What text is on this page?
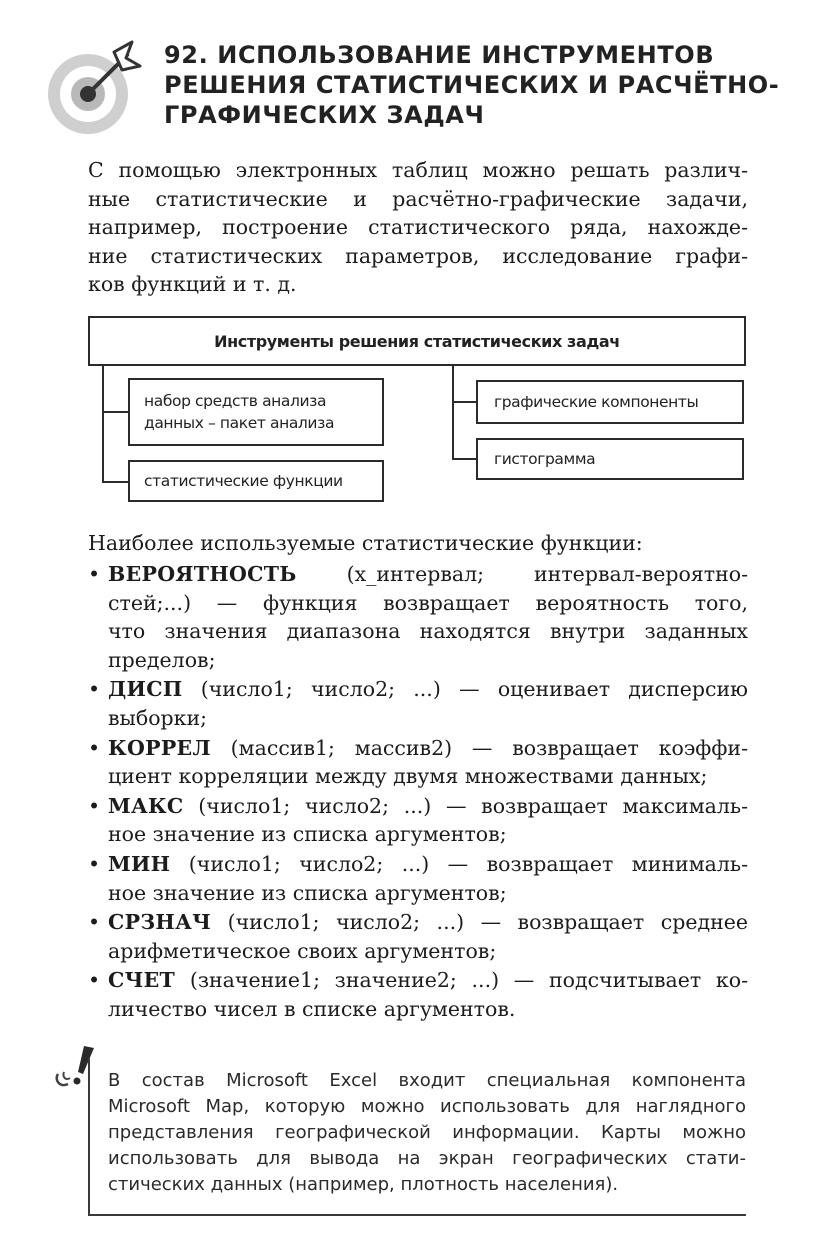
92. ИСПОЛЬЗОВАНИЕ ИНСТРУМЕНТОВ
РЕШЕНИЯ СТАТИСТИЧЕСКИХ И РАСЧЁТНО-
ГРАФИЧЕСКИХ ЗАДАЧ
С помощью электронных таблиц можно решать различ-
ные статистические и расчётно-графические задачи,
например, построение статистического ряда, нахожде-
ние статистических параметров, исследование графи-
ков функций и т. д.
Инструменты решения статистических задач
набор средств анализа
данных – пакет анализа
статистические функции
графические компоненты
гистограмма
Наиболее используемые статистические функции:
• ВЕРОЯТНОСТЬ (x_интервал; интервал-вероятно-
стей;...) — функция возвращает вероятность того,
что значения диапазона находятся внутри заданных
пределов;
• ДИСП (число1; число2; ...) — оценивает дисперсию
выборки;
• КОРРЕЛ (массив1; массив2) — возвращает коэффи-
циент корреляции между двумя множествами данных;
• МАКС (число1; число2; ...) — возвращает максималь-
ное значение из списка аргументов;
• МИН (число1; число2; ...) — возвращает минималь-
ное значение из списка аргументов;
• СРЗНАЧ (число1; число2; ...) — возвращает среднее
арифметическое своих аргументов;
• СЧЕТ (значение1; значение2; ...) — подсчитывает ко-
личество чисел в списке аргументов.
В состав Microsoft Excel входит специальная компонента
Microsoft Map, которую можно использовать для наглядного
представления географической информации. Карты можно
использовать для вывода на экран географических стати-
стических данных (например, плотность населения).
